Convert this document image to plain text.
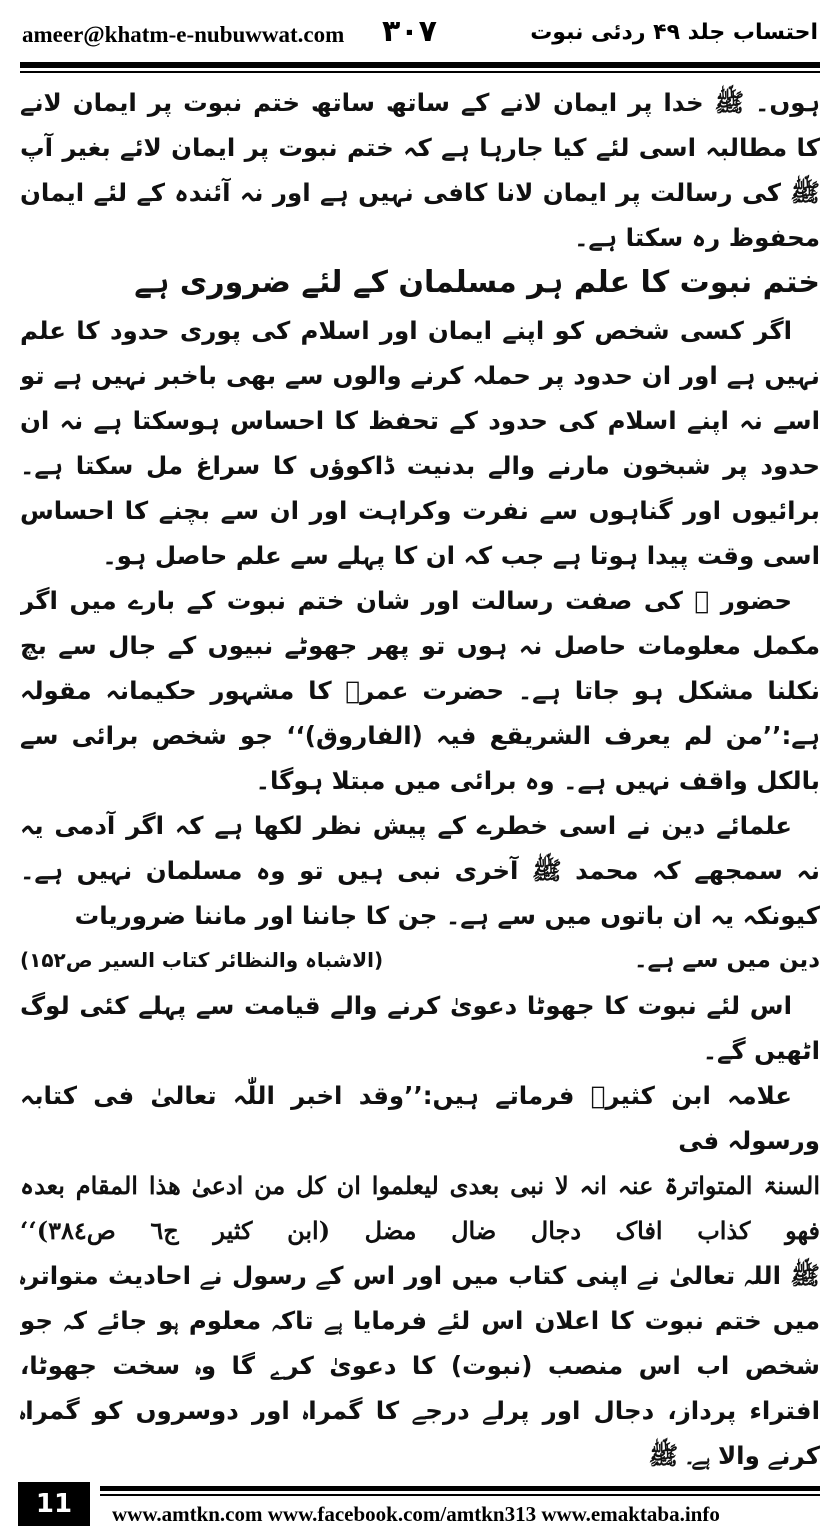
ameer@khatm-e-nubuwwat.com ۳۰۷	احتساب جلد ۴۹ ردئی نبوت

ہوں۔ ﷺ خدا پر ایمان لانے کے ساتھ ساتھ ختم نبوت پر ایمان لانے کا مطالبہ اسی لئے کیا جارہا ہے کہ ختم نبوت پر ایمان لائے بغیر آپ ﷺ کی رسالت پر ایمان لانا کافی نہیں ہے اور نہ آئندہ کے لئے ایمان محفوظ رہ سکتا ہے۔

ختم نبوت کا علم ہر مسلمان کے لئے ضروری ہے

اگر کسی شخص کو اپنے ایمان اور اسلام کی پوری حدود کا علم نہیں ہے اور ان حدود پر حملہ کرنے والوں سے بھی باخبر نہیں ہے تو اسے نہ اپنے اسلام کی حدود کے تحفظ کا احساس ہوسکتا ہے نہ ان حدود پر شبخون مارنے والے بدنیت ڈاکوؤں کا سراغ مل سکتا ہے۔ برائیوں اور گناہوں سے نفرت وکراہت اور ان سے بچنے کا احساس اسی وقت پیدا ہوتا ہے جب کہ ان کا پہلے سے علم حاصل ہو۔

حضور ﷺ کی صفت رسالت اور شان ختم نبوت کے بارے میں اگر مکمل معلومات حاصل نہ ہوں تو پھر جھوٹے نبیوں کے جال سے بچ نکلنا مشکل ہو جاتا ہے۔ حضرت عمرؓ کا مشہور حکیمانہ مقولہ ہے:’’من لم یعرف الشریقع فیہ (الفاروق)‘‘ جو شخص برائی سے بالکل واقف نہیں ہے۔ وہ برائی میں مبتلا ہوگا۔

علمائے دین نے اسی خطرے کے پیش نظر لکھا ہے کہ اگر آدمی یہ نہ سمجھے کہ محمد ﷺ آخری نبی ہیں تو وہ مسلمان نہیں ہے۔ کیونکہ یہ ان باتوں میں سے ہے۔ جن کا جاننا اور ماننا ضروریات

دین میں سے ہے۔
(الاشباہ والنظائر کتاب السیر ص۱۵۲)

اس لئے نبوت کا جھوٹا دعویٰ کرنے والے قیامت سے پہلے کئی لوگ اٹھیں گے۔

علامہ ابن کثیرؒ فرماتے ہیں:’’وقد اخبر اللّٰہ تعالیٰ فی کتابہ ورسولہ فی

السنۃ المتواترۃ عنہ انہ لا نبی بعدی لیعلموا ان کل من ادعیٰ ھذا المقام بعدہ فھو کذاب افاک دجال ضال مضل (ابن کثیر ج٦ ص٣٨٤)‘‘

ﷺ اللہ تعالیٰ نے اپنی کتاب میں اور اس کے رسول نے احادیث متواترہ میں ختم نبوت کا اعلان اس لئے فرمایا ہے تاکہ معلوم ہو جائے کہ جو شخص اب اس منصب (نبوت) کا دعویٰ کرے گا وہ سخت جھوٹا، افتراء پرداز، دجال اور پرلے درجے کا گمراہ اور دوسروں کو گمراہ کرنے والا ہے۔ ﷺ

11	www.amtkn.com www.facebook.com/amtkn313 www.emaktaba.info
